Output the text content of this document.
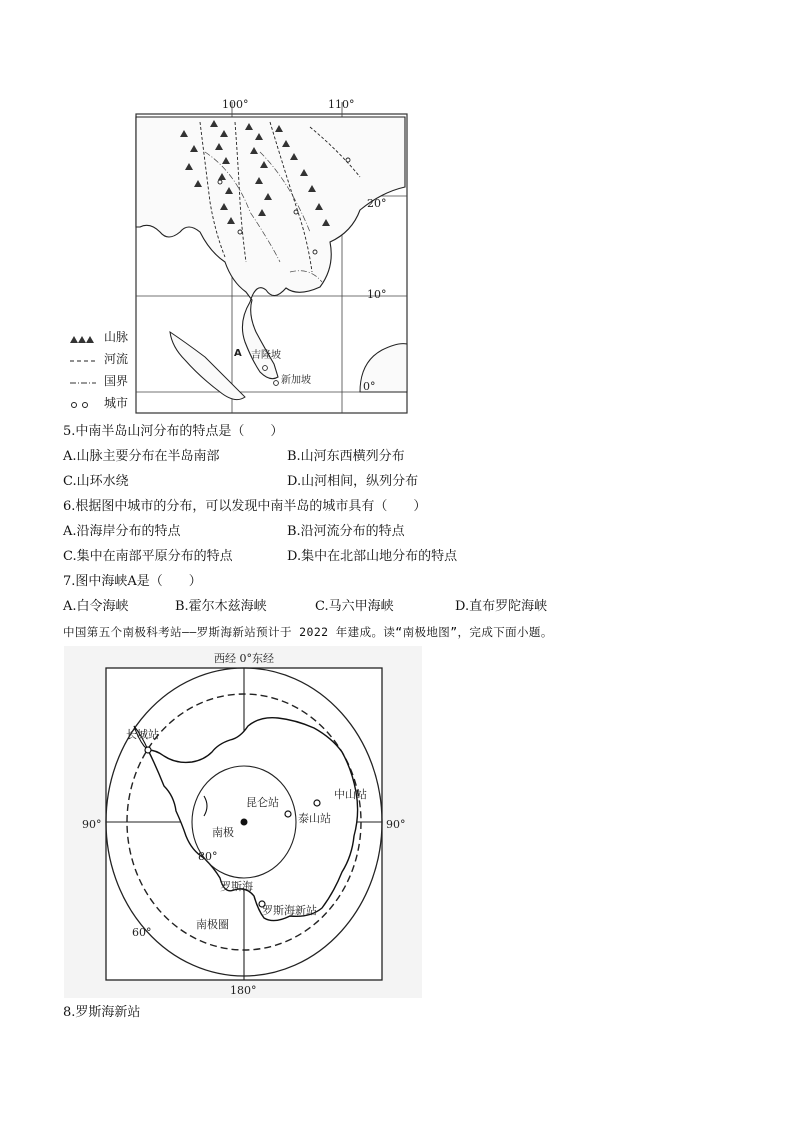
100°	110°
20°
10°
0°
A 吉隆坡
新加坡
山脉
河流
国界
城市
5.中南半岛山河分布的特点是（　　）
A.山脉主要分布在半岛南部	B.山河东西横列分布
C.山环水绕	D.山河相间，纵列分布
6.根据图中城市的分布，可以发现中南半岛的城市具有（　　）
A.沿海岸分布的特点	B.沿河流分布的特点
C.集中在南部平原分布的特点	D.集中在北部山地分布的特点
7.图中海峡A是（　　）
A.白令海峡	B.霍尔木兹海峡	C.马六甲海峡	D.直布罗陀海峡
中国第五个南极科考站——罗斯海新站预计于 2022 年建成。读“南极地图”，完成下面小题。
西经 0°东经
90°	90°
180°
长城站
昆仑站
中山站
泰山站
南极
80°
60°
罗斯海
罗斯海新站
南极圈
8.罗斯海新站
